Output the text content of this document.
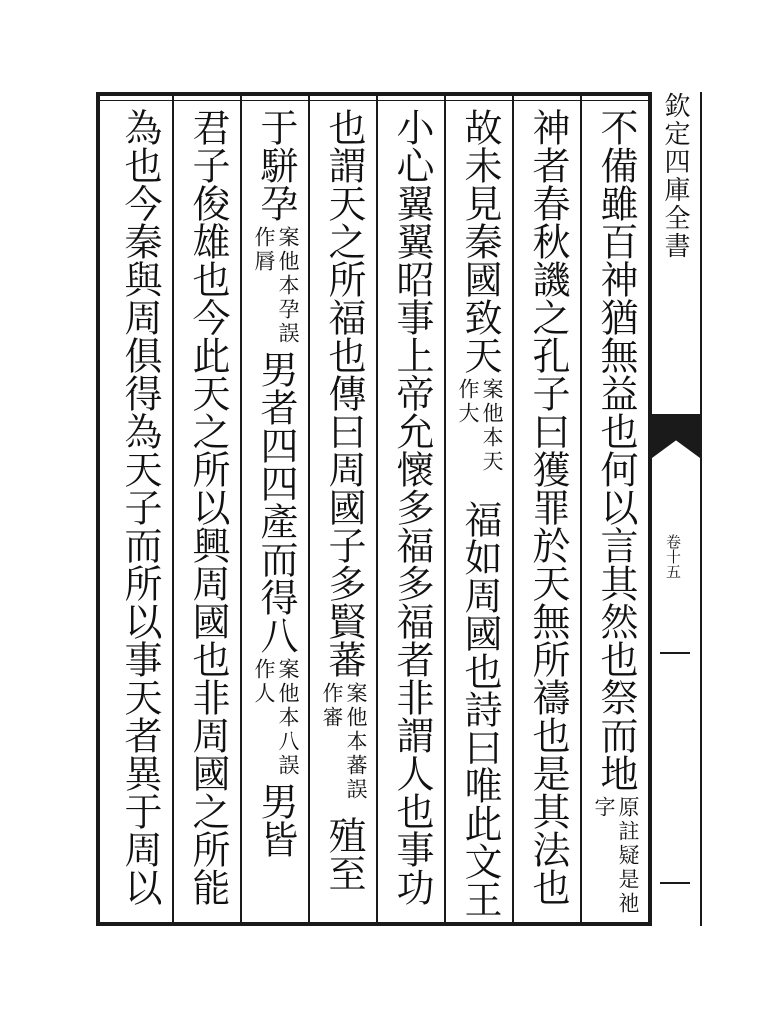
欽定四庫全書
卷十五
不備雖百神猶無益也何以言其然也祭而地
原註疑是祂字
神者春秋譏之孔子曰獲罪於天無所禱也是其法也
故未見秦國致天
案他本天作大
福如周國也詩曰唯此文王
小心翼翼昭事上帝允懷多福多福者非謂人也事功
也謂天之所福也傳曰周國子多賢蕃
案他本蕃誤作審
殖至
于駢孕
案他本孕誤作脣
男者四四產而得八
案他本八誤作人
男皆
君子俊雄也今此天之所以興周國也非周國之所能
為也今秦與周俱得為天子而所以事天者異于周以
